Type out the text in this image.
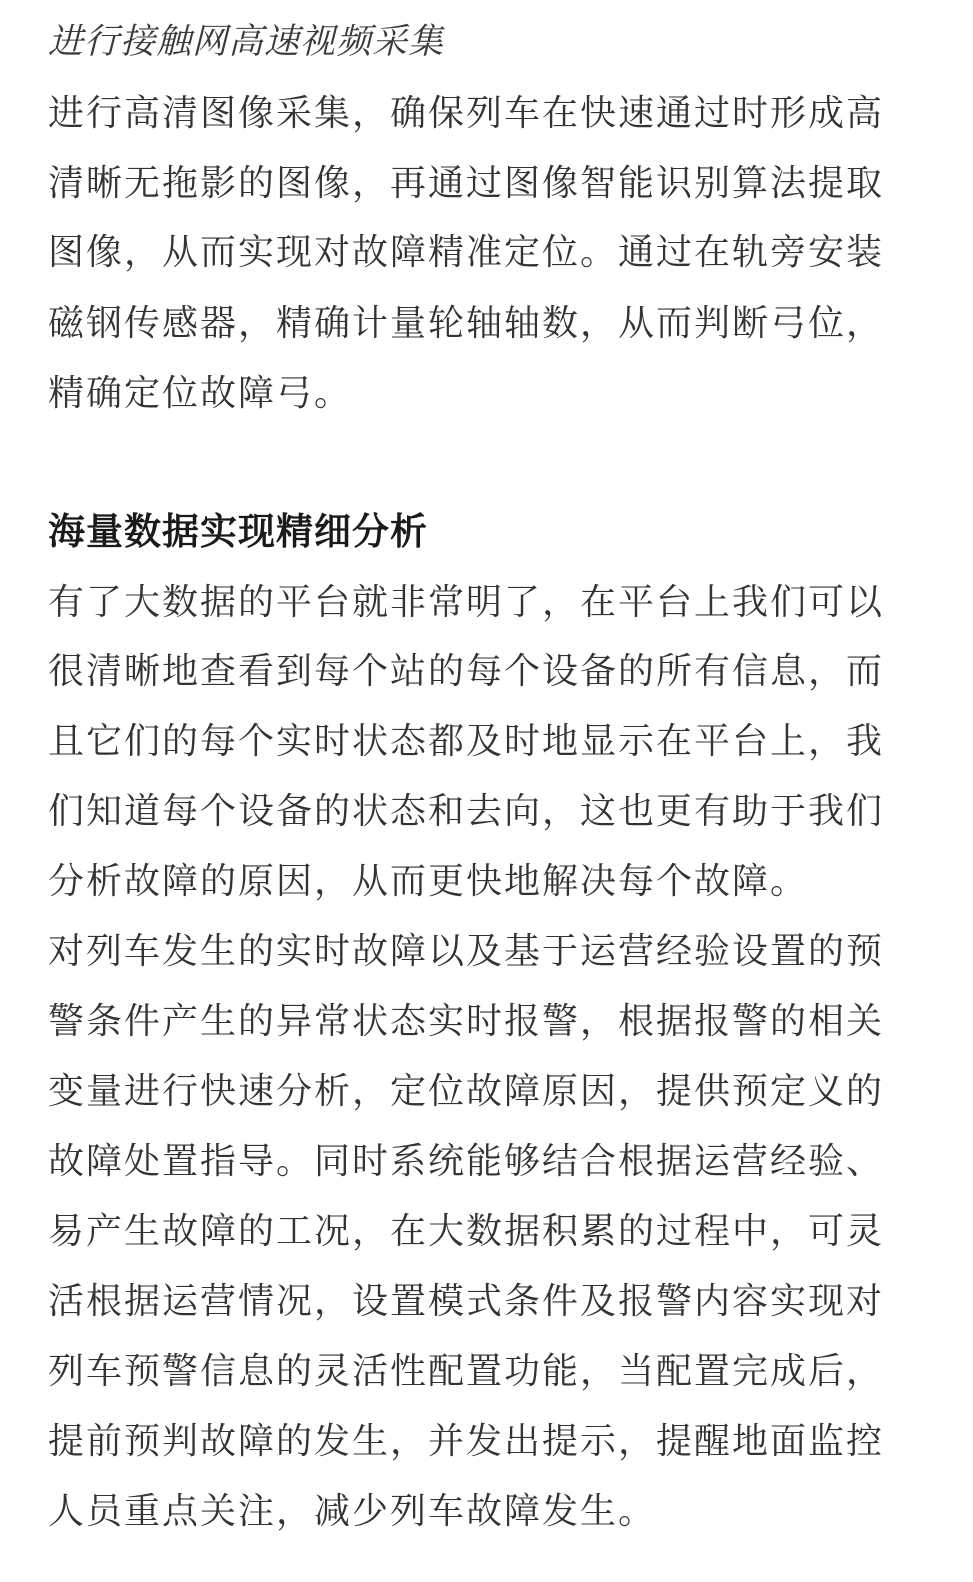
进行接触网高速视频采集
进行高清图像采集，确保列车在快速通过时形成高
清晰无拖影的图像，再通过图像智能识别算法提取
图像，从而实现对故障精准定位。通过在轨旁安装
磁钢传感器，精确计量轮轴轴数，从而判断弓位，
精确定位故障弓。
海量数据实现精细分析
有了大数据的平台就非常明了，在平台上我们可以
很清晰地查看到每个站的每个设备的所有信息，而
且它们的每个实时状态都及时地显示在平台上，我
们知道每个设备的状态和去向，这也更有助于我们
分析故障的原因，从而更快地解决每个故障。
对列车发生的实时故障以及基于运营经验设置的预
警条件产生的异常状态实时报警，根据报警的相关
变量进行快速分析，定位故障原因，提供预定义的
故障处置指导。同时系统能够结合根据运营经验、
易产生故障的工况，在大数据积累的过程中，可灵
活根据运营情况，设置模式条件及报警内容实现对
列车预警信息的灵活性配置功能，当配置完成后，
提前预判故障的发生，并发出提示，提醒地面监控
人员重点关注，减少列车故障发生。
